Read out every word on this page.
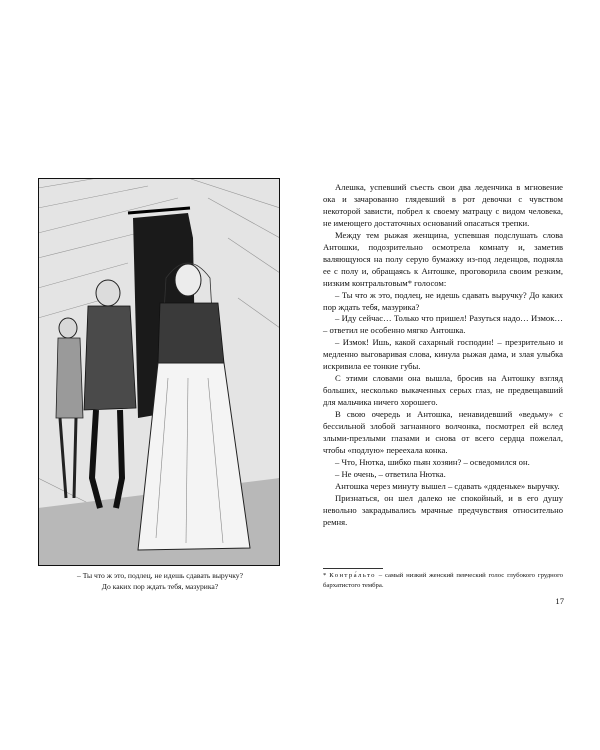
– Ты что ж это, подлец, не идешь сдавать выручку?
До каких пор ждать тебя, мазурика?

Алешка, успевший съесть свои два леденчика в мгновение ока и зачарованно глядевший в рот девочки с чувством некоторой зависти, побрел к своему матрацу с видом человека, не имеющего достаточных оснований опасаться трепки.

Между тем рыжая женщина, успевшая подслушать слова Антошки, подозрительно осмотрела комнату и, заметив валяющуюся на полу серую бумажку из-под леденцов, подняла ее с полу и, обращаясь к Антошке, проговорила своим резким, низким контральтовым* голосом:

– Ты что ж это, подлец, не идешь сдавать выручку? До каких пор ждать тебя, мазурика?

– Иду сейчас… Только что пришел! Разуться надо… Измок… – ответил не особенно мягко Антошка.

– Измок! Ишь, какой сахарный господин! – презрительно и медленно выговаривая слова, кинула рыжая дама, и злая улыбка искривила ее тонкие губы.

С этими словами она вышла, бросив на Антошку взгляд больших, несколько выкаченных серых глаз, не предвещавший для мальчика ничего хорошего.

В свою очередь и Антошка, ненавидевший «ведьму» с бессильной злобой загнанного волчонка, посмотрел ей вслед злыми-презлыми глазами и снова от всего сердца пожелал, чтобы «подлую» переехала конка.

– Что, Нютка, шибко пьян хозяин? – осведомился он.

– Не очень, – ответила Нютка.

Антошка через минуту вышел – сдавать «дяденьке» выручку.

Признаться, он шел далеко не спокойный, и в его душу невольно закрадывались мрачные предчувствия относительно ремня.

* Контра́льто – самый низкий женский певческий голос глубокого грудного бархатистого тембра.
17
